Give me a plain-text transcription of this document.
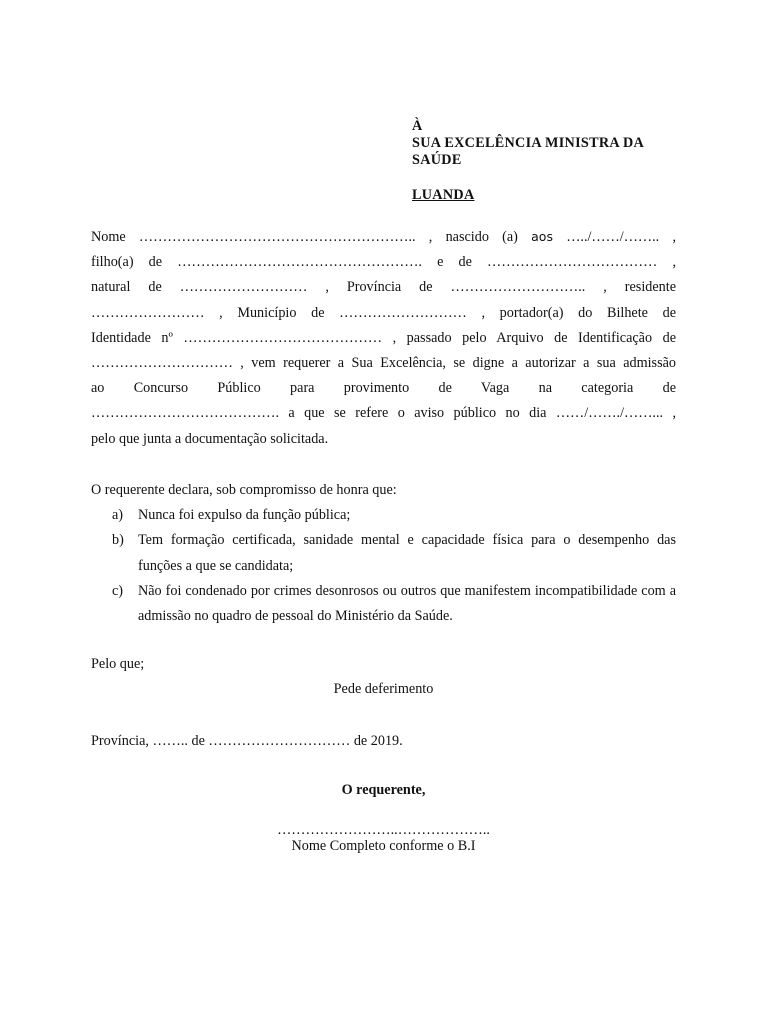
À
SUA EXCELÊNCIA MINISTRA DA
SAÚDE
LUANDA

Nome ………………………………………………….. , nascido (a) aos …../……/…….. ,

filho(a) de ……………………………………………. e de ……………………………… ,

natural de ……………………… , Província de ……………………….. , residente

…………………… , Município de ……………………… , portador(a) do Bilhete de

Identidade nº …………………………………… , passado pelo Arquivo de Identificação de

………………………… , vem requerer a Sua Excelência, se digne a autorizar a sua admissão

ao Concurso Público para provimento de Vaga na categoria de

…………………………………. a que se refere o aviso público no dia ……/……./……... ,

pelo que junta a documentação solicitada.

O requerente declara, sob compromisso de honra que:

a) Nunca foi expulso da função pública;
b) Tem formação certificada, sanidade mental e capacidade física para o desempenho das funções a que se candidata;
c) Não foi condenado por crimes desonrosos ou outros que manifestem incompatibilidade com a admissão no quadro de pessoal do Ministério da Saúde.

Pelo que;

Pede deferimento

Província, …….. de ………………………… de 2019.

O requerente,

……………………..………………..

Nome Completo conforme o B.I
